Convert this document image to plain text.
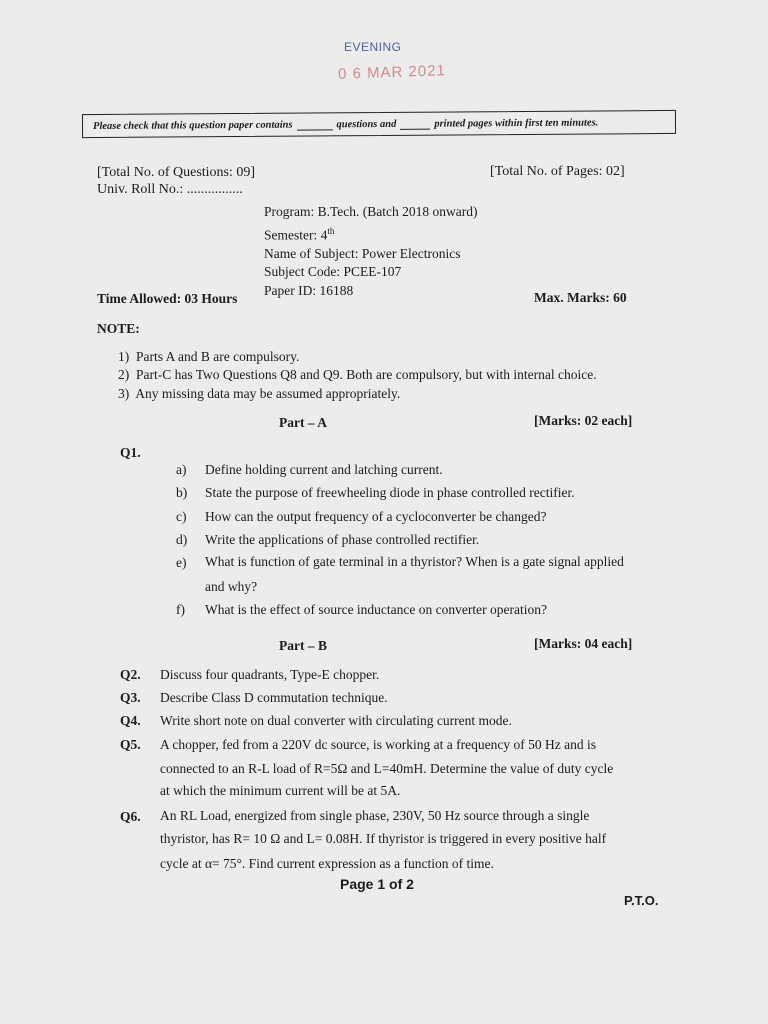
EVENING
0 6 MAR 2021
Please check that this question paper contains	questions and	printed pages within first ten minutes.
[Total No. of Questions: 09]	[Total No. of Pages: 02]
Univ. Roll No.: ................
Program: B.Tech. (Batch 2018 onward)
Semester: 4th
Name of Subject: Power Electronics
Subject Code: PCEE-107
Paper ID: 16188
Time Allowed: 03 Hours	Max. Marks: 60
NOTE:
1) Parts A and B are compulsory.
2) Part-C has Two Questions Q8 and Q9. Both are compulsory, but with internal choice.
3) Any missing data may be assumed appropriately.
Part – A	[Marks: 02 each]
Q1.
a) Define holding current and latching current.
b) State the purpose of freewheeling diode in phase controlled rectifier.
c) How can the output frequency of a cycloconverter be changed?
d) Write the applications of phase controlled rectifier.
e) What is function of gate terminal in a thyristor? When is a gate signal applied
and why?
f) What is the effect of source inductance on converter operation?
Part – B	[Marks: 04 each]
Q2. Discuss four quadrants, Type-E chopper.
Q3. Describe Class D commutation technique.
Q4. Write short note on dual converter with circulating current mode.
Q5. A chopper, fed from a 220V dc source, is working at a frequency of 50 Hz and is
connected to an R-L load of R=5Ω and L=40mH. Determine the value of duty cycle
at which the minimum current will be at 5A.
Q6. An RL Load, energized from single phase, 230V, 50 Hz source through a single
thyristor, has R= 10 Ω and L= 0.08H. If thyristor is triggered in every positive half
cycle at α= 75°. Find current expression as a function of time.
Page 1 of 2
P.T.O.
